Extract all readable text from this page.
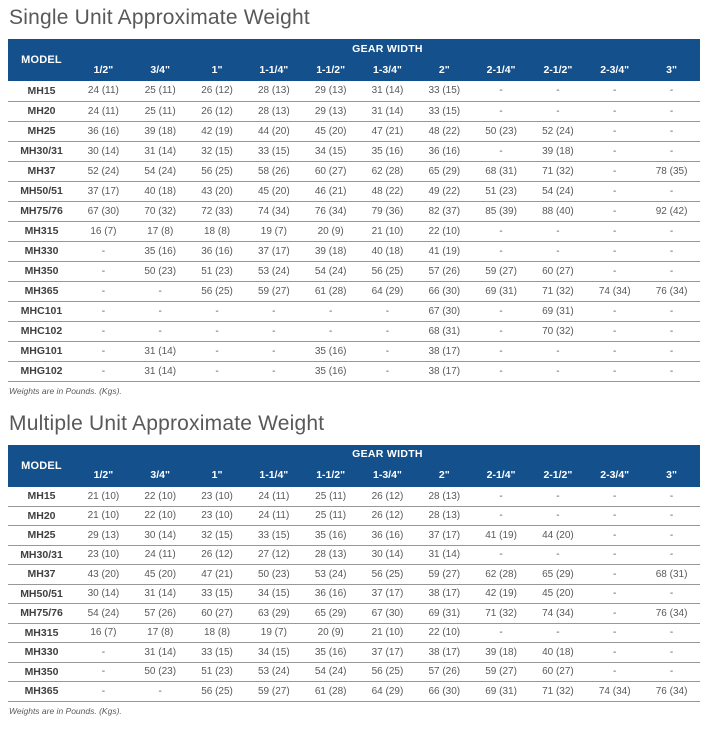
Single Unit Approximate Weight
MODEL	GEAR WIDTH										
	1/2"	3/4"	1"	1-1/4"	1-1/2"	1-3/4"	2"	2-1/4"	2-1/2"	2-3/4"	3"
MH15	24 (11)	25 (11)	26 (12)	28 (13)	29 (13)	31 (14)	33 (15)	-	-	-	-
MH20	24 (11)	25 (11)	26 (12)	28 (13)	29 (13)	31 (14)	33 (15)	-	-	-	-
MH25	36 (16)	39 (18)	42 (19)	44 (20)	45 (20)	47 (21)	48 (22)	50 (23)	52 (24)	-	-
MH30/31	30 (14)	31 (14)	32 (15)	33 (15)	34 (15)	35 (16)	36 (16)	-	39 (18)	-	-
MH37	52 (24)	54 (24)	56 (25)	58 (26)	60 (27)	62 (28)	65 (29)	68 (31)	71 (32)	-	78 (35)
MH50/51	37 (17)	40 (18)	43 (20)	45 (20)	46 (21)	48 (22)	49 (22)	51 (23)	54 (24)	-	-
MH75/76	67 (30)	70 (32)	72 (33)	74 (34)	76 (34)	79 (36)	82 (37)	85 (39)	88 (40)	-	92 (42)
MH315	16 (7)	17 (8)	18 (8)	19 (7)	20 (9)	21 (10)	22 (10)	-	-	-	-
MH330	-	35 (16)	36 (16)	37 (17)	39 (18)	40 (18)	41 (19)	-	-	-	-
MH350	-	50 (23)	51 (23)	53 (24)	54 (24)	56 (25)	57 (26)	59 (27)	60 (27)	-	-
MH365	-	-	56 (25)	59 (27)	61 (28)	64 (29)	66 (30)	69 (31)	71 (32)	74 (34)	76 (34)
MHC101	-	-	-	-	-	-	67 (30)	-	69 (31)	-	-
MHC102	-	-	-	-	-	-	68 (31)	-	70 (32)	-	-
MHG101	-	31 (14)	-	-	35 (16)	-	38 (17)	-	-	-	-
MHG102	-	31 (14)	-	-	35 (16)	-	38 (17)	-	-	-	-

Weights are in Pounds. (Kgs).

Multiple Unit Approximate Weight
MODEL	GEAR WIDTH										
	1/2"	3/4"	1"	1-1/4"	1-1/2"	1-3/4"	2"	2-1/4"	2-1/2"	2-3/4"	3"
MH15	21 (10)	22 (10)	23 (10)	24 (11)	25 (11)	26 (12)	28 (13)	-	-	-	-
MH20	21 (10)	22 (10)	23 (10)	24 (11)	25 (11)	26 (12)	28 (13)	-	-	-	-
MH25	29 (13)	30 (14)	32 (15)	33 (15)	35 (16)	36 (16)	37 (17)	41 (19)	44 (20)	-	-
MH30/31	23 (10)	24 (11)	26 (12)	27 (12)	28 (13)	30 (14)	31 (14)	-	-	-	-
MH37	43 (20)	45 (20)	47 (21)	50 (23)	53 (24)	56 (25)	59 (27)	62 (28)	65 (29)	-	68 (31)
MH50/51	30 (14)	31 (14)	33 (15)	34 (15)	36 (16)	37 (17)	38 (17)	42 (19)	45 (20)	-	-
MH75/76	54 (24)	57 (26)	60 (27)	63 (29)	65 (29)	67 (30)	69 (31)	71 (32)	74 (34)	-	76 (34)
MH315	16 (7)	17 (8)	18 (8)	19 (7)	20 (9)	21 (10)	22 (10)	-	-	-	-
MH330	-	31 (14)	33 (15)	34 (15)	35 (16)	37 (17)	38 (17)	39 (18)	40 (18)	-	-
MH350	-	50 (23)	51 (23)	53 (24)	54 (24)	56 (25)	57 (26)	59 (27)	60 (27)	-	-
MH365	-	-	56 (25)	59 (27)	61 (28)	64 (29)	66 (30)	69 (31)	71 (32)	74 (34)	76 (34)

Weights are in Pounds. (Kgs).
